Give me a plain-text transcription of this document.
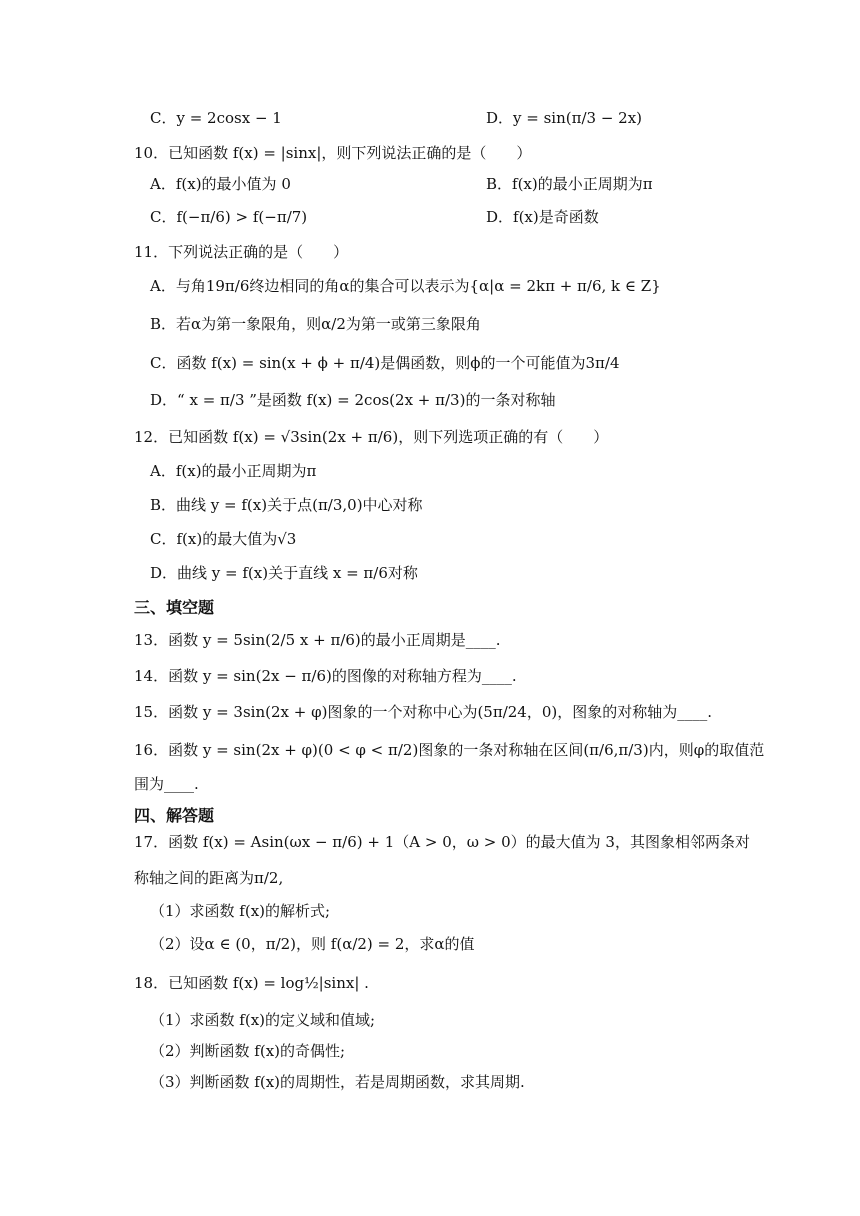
C．y = 2cosx − 1	D．y = sin(π/3 − 2x)
10．已知函数 f(x) = |sinx|，则下列说法正确的是（　　）
A．f(x)的最小值为 0	B．f(x)的最小正周期为π
C．f(−π/6) > f(−π/7)	D．f(x)是奇函数
11．下列说法正确的是（　　）
A．与角19π/6终边相同的角α的集合可以表示为{α|α = 2kπ + π/6, k ∈ Z}
B．若α为第一象限角，则α/2为第一或第三象限角
C．函数 f(x) = sin(x + ϕ + π/4)是偶函数，则ϕ的一个可能值为3π/4
D．“ x = π/3 ”是函数 f(x) = 2cos(2x + π/3)的一条对称轴
12．已知函数 f(x) = √3sin(2x + π/6)，则下列选项正确的有（　　）
A．f(x)的最小正周期为π
B．曲线 y = f(x)关于点(π/3,0)中心对称
C．f(x)的最大值为√3
D．曲线 y = f(x)关于直线 x = π/6对称
三、填空题
13．函数 y = 5sin(2/5 x + π/6)的最小正周期是____.
14．函数 y = sin(2x − π/6)的图像的对称轴方程为____.
15．函数 y = 3sin(2x + φ)图象的一个对称中心为(5π/24，0)，图象的对称轴为____.
16．函数 y = sin(2x + φ)(0 < φ < π/2)图象的一条对称轴在区间(π/6,π/3)内，则φ的取值范
围为____.
四、解答题
17．函数 f(x) = Asin(ωx − π/6) + 1（A > 0，ω > 0）的最大值为 3，其图象相邻两条对
称轴之间的距离为π/2,
（1）求函数 f(x)的解析式;
（2）设α ∈ (0，π/2)，则 f(α/2) = 2，求α的值
18．已知函数 f(x) = log½|sinx| .
（1）求函数 f(x)的定义域和值域;
（2）判断函数 f(x)的奇偶性;
（3）判断函数 f(x)的周期性，若是周期函数，求其周期.
